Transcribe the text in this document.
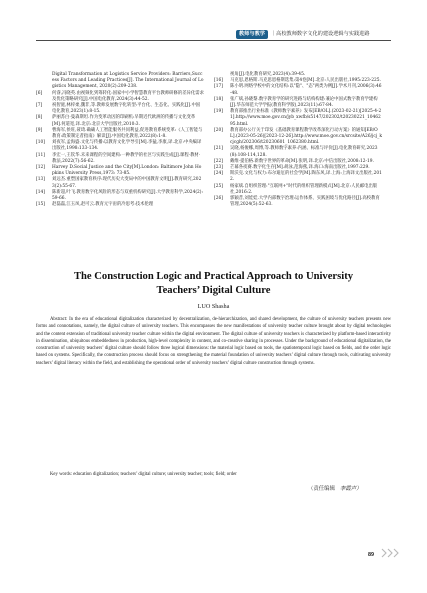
教师与教学	｜高校教师数字文化的建设逻辑与实践进路

Digital Transformation at Logistics Service Providers: Barriers,Success Factors and Leading Practices[J]. The International Journal of Logistics Management, 2020(2):209-238.

[6] 何睿,冯晓英.由视频化到筹转化:国家中小学智慧教育平台教师研修的差异化需求及优化策略研究[J].中国电化教育,2024(3):44-52.

[7] 祝智庭,林梓柔,魏非,等.教师发展数字化转型:平台化、生态化、实践化[J].中国电化教育,2023(1):8-15.

[8] 萨丽苏白·曼森斯坦.作为变革动因的印刷机:早期近代欧洲的传播与文化变革[M].何道宽,译.北京:北京大学出版社,2010:3.

[9] 曹海军,侯旺,聂琦.确确人工智能服务共同利益,促进教育系统变革:《人工智能与教育:政策制定者指南》解读[J].中国电化教育,2022(8):1-8.

[10] 刘夜军,孟海盛.文化与传播:以教育文化学导引[M].李猛,李康,译.北京:中央编译出版社,1998:133-134.

[11] 李宏一,王钦华.未来课程的空间建构:一种教学的社区与实践生成[J].课程·教材·教法,2022(7):56-62.

[12] Harvey D.Social Justice and the City[M].London: Baltimore John Hopkins University Press,1973: 73-85.

[13] 刘远杰.重塑国家教育秩序:现代历史大变局中的中国教育文明[J].教育研究,2023(2):55-67.

[14] 陈新超,叶飞.教育数字化风险的形态与双重机构研究[J].大学教育科学,2024(2):59-66.

[15] 赵磊磊,江玉凤,赵可云.教育元宇宙的冷思考:技术伦理

视角[J].电化教育研究,2023(4):39-45.

[16] 马克思,恩格斯.马克思恩格斯选集:第4卷[M].北京:人民出版社,1995:223-225.

[17] 陈小明.网络学校中的文化结构:以"隐"、"态"两类为例[J].学术月刊,2006(3):46-48.

[18] 张广斌,孙晓黎.数字教育学的研究进路与结构构建:兼论中国式数字教育学建构[J].华东师范大学学报(教育科学版),2023(11):67-84.

[19] 教育部推出行业标准《教师数字素养》发布[EB/OL].(2023-02-21)[2025-4-21].http://www.moe.gov.cn/jyb_xwfb/s5147/202302/t20230221_1046295.html.

[20] 教育部办公厅关于印发《基础教育课程教学改革深化行动方案》的通知[EB/OL].(2023-05-26)[2023-12-26].http://www.moe.gov.cn/srcsite/A26/jcj_kcjcgh/202306/t20230601_1062380.html.

[21] 吴晓,杨俊娜,周博,等.教师数字素养:内涵、标准与评价[J].电化教育研究,2023(8):108-114,128.

[22] 戴维·提伯格.新数字世界的革命[M].张明,译.北京:中信出版社,2008:12-19.

[23] 芒幕各夜赛.数字化生存[M].胡泳,范海燕,译.海口:海南出版社,1997:229.

[24] 斯沃克.文化与权力:布尔迪厄的社会学[M].陶东风,译.上海:上海译文出版社,2012.

[25] 杨家斌.自组织管理:"互联网+"时代的组织管理新模式[M].北京:人民邮电出版社,2016:2.

[26] 郭颖昔,刘娃娃.大学内部数字治理:运作体系、实践困境与优化路径[J].高校教育管理,2024(5):52-63.

The Construction Logic and Practical Approach to University
Teachers’ Digital Culture
LUO Shasha

Abstract: In the era of educational digitalization characterized by decentralization, de-hierarchization, and shared development, the culture of university teachers presents new forms and connotations, namely, the digital culture of university teachers. This encompasses the new manifestations of university teacher culture brought about by digital technologies and the content extension of traditional university teacher culture within the digital environment. The digital culture of university teachers is characterized by platform-based interactivity in dissemination, ubiquitous embeddedness in production, high-level complexity in content, and co-creative sharing in processes. Under the background of educational digitalization, the construction of university teachers’ digital culture should follow three logical dimensions: the material logic based on tools, the spatiotemporal logic based on fields, and the order logic based on systems. Specifically, the construction process should focus on strengthening the material foundation of university teachers’ digital culture through tools, cultivating university teachers’ digital literacy within the field, and establishing the operational order of university teachers’ digital culture construction through systems.

Key words: education digitalization; teachers’ digital culture; university teacher; tools; field; order

（责任编辑 李霞声）
89
